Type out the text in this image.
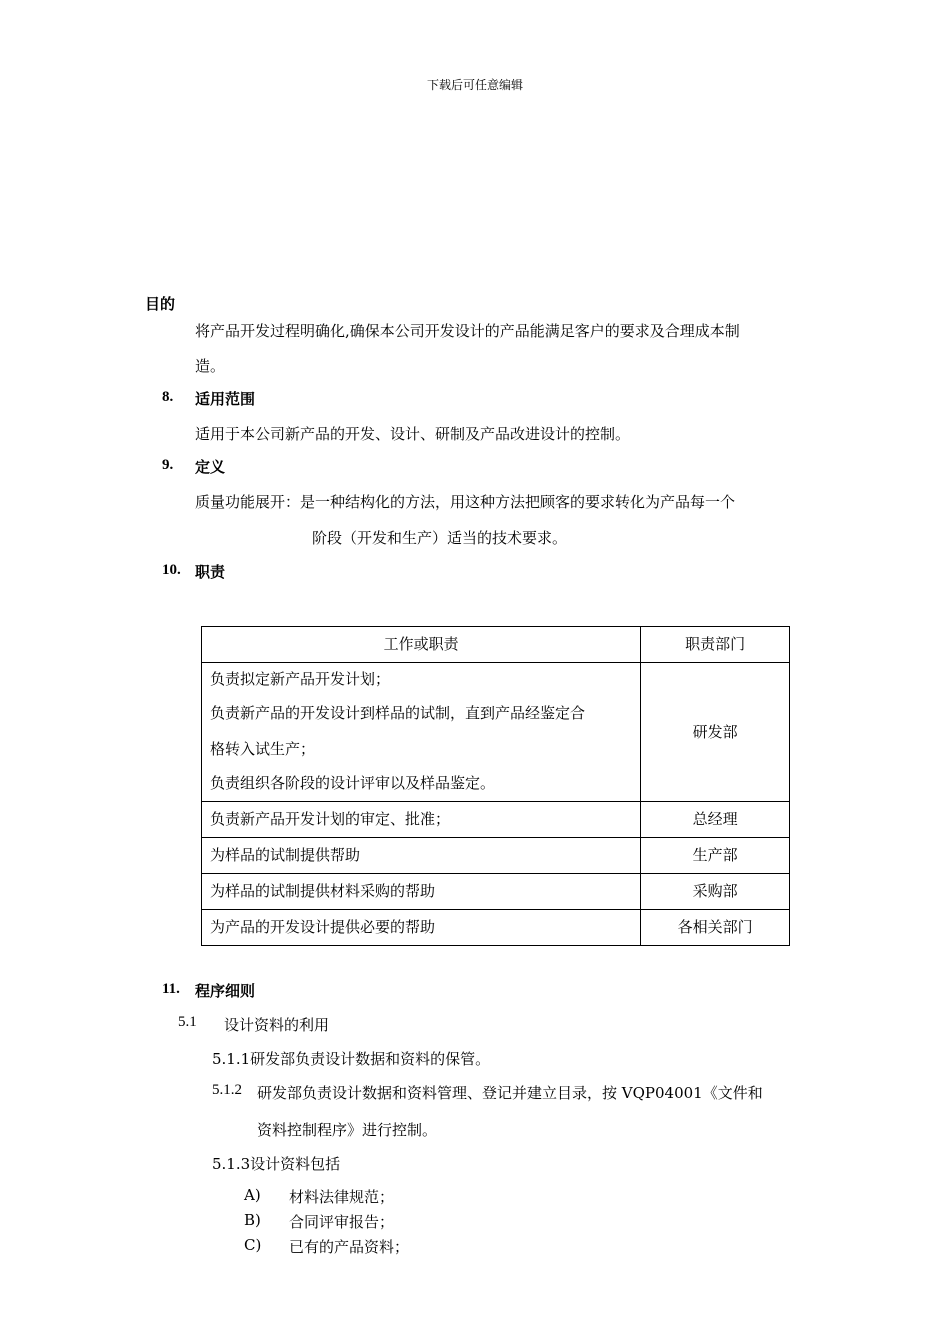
下载后可任意编辑
目的
将产品开发过程明确化,确保本公司开发设计的产品能满足客户的要求及合理成本制
造。
8. 适用范围
适用于本公司新产品的开发、设计、研制及产品改进设计的控制。
9. 定义
质量功能展开：是一种结构化的方法，用这种方法把顾客的要求转化为产品每一个
阶段（开发和生产）适当的技术要求。
10. 职责
工作或职责	职责部门

负责拟定新产品开发计划；
负责新产品的开发设计到样品的试制，直到产品经鉴定合
格转入试生产；
负责组织各阶段的设计评审以及样品鉴定。	研发部
负责新产品开发计划的审定、批准；	总经理
为样品的试制提供帮助	生产部
为样品的试制提供材料采购的帮助	采购部
为产品的开发设计提供必要的帮助	各相关部门
11. 程序细则
5.1 设计资料的利用
5.1.1研发部负责设计数据和资料的保管。
5.1.2 研发部负责设计数据和资料管理、登记并建立目录，按 VQP04001《文件和
资料控制程序》进行控制。
5.1.3设计资料包括
A) 材料法律规范；
B) 合同评审报告；
C) 已有的产品资料；
